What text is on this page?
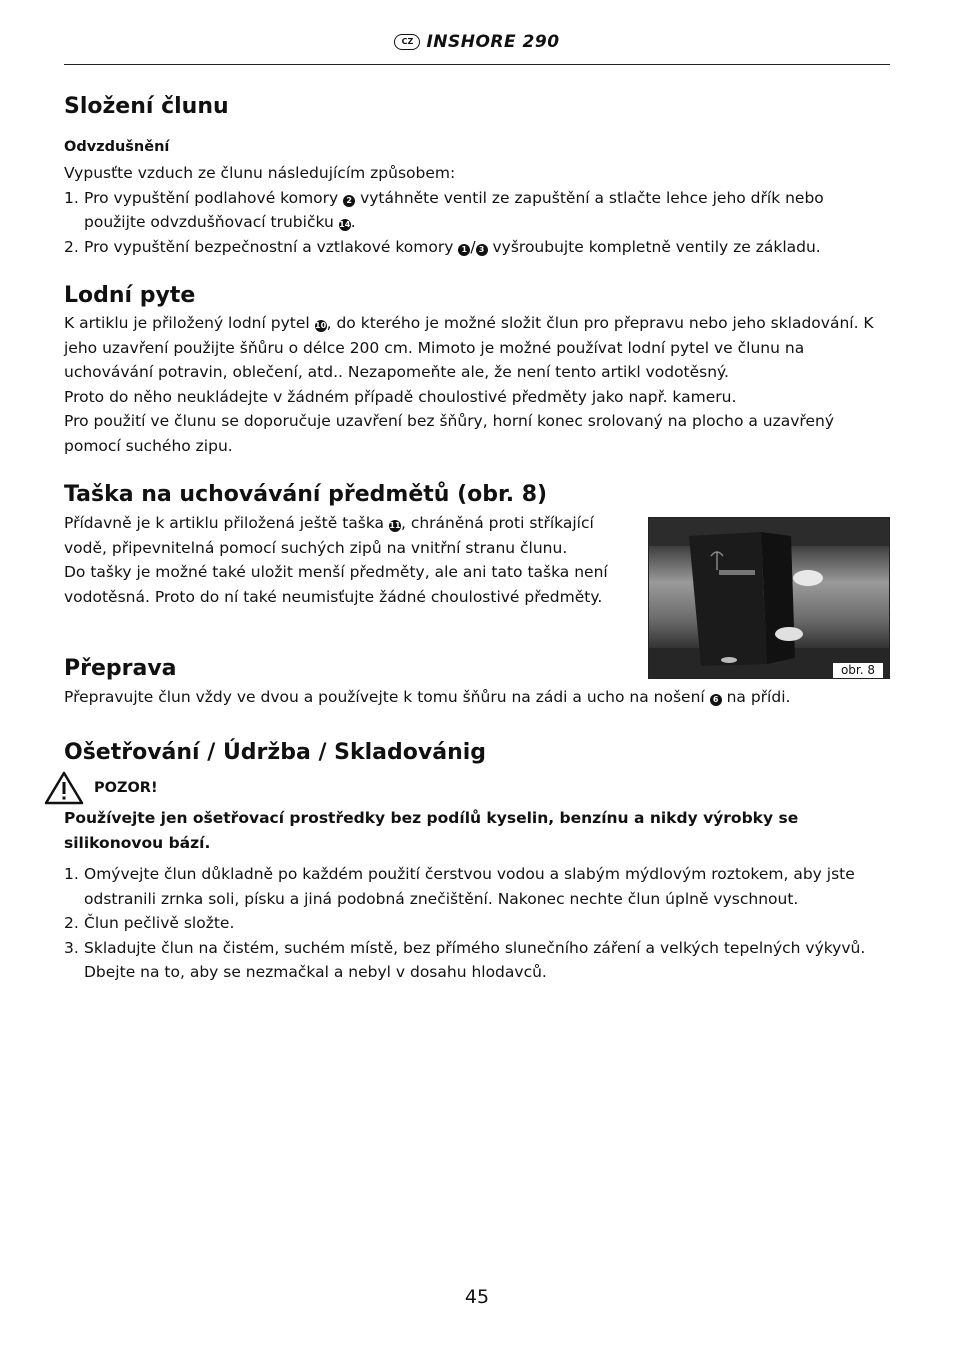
CZ INSHORE 290
Složení člunu
Odvzdušnění

Vypusťte vzduch ze člunu následujícím způsobem:

1. Pro vypuštění podlahové komory 2 vytáhněte ventil ze zapuštění a stlačte lehce jeho dřík nebo použijte odvzdušňovací trubičku 14.
2. Pro vypuštění bezpečnostní a vztlakové komory 1 / 3 vyšroubujte kompletně ventily ze základu.
Lodní pyte

K artiklu je přiložený lodní pytel 10, do kterého je možné složit člun pro přepravu nebo jeho skladování. K jeho uzavření použijte šňůru o délce 200 cm. Mimoto je možné používat lodní pytel ve člunu na uchovávání potravin, oblečení, atd.. Nezapomeňte ale, že není tento artikl vodotěsný.

Proto do něho neukládejte v žádném případě choulostivé předměty jako např. kameru.

Pro použití ve člunu se doporučuje uzavření bez šňůry, horní konec srolovaný na plocho a uzavřený pomocí suchého zipu.

Taška na uchovávání předmětů (obr. 8)

Přídavně je k artiklu přiložená ještě taška 11, chráněná proti stříkající vodě, připevnitelná pomocí suchých zipů na vnitřní stranu člunu.

Do tašky je možné také uložit menší předměty, ale ani tato taška není vodotěsná. Proto do ní také neumisťujte žádné choulostivé předměty.

obr. 8
Přeprava

Přepravujte člun vždy ve dvou a používejte k tomu šňůru na zádi a ucho na nošení 6 na přídi.

Ošetřování / Údržba / Skladovánig
POZOR!

Používejte jen ošetřovací prostředky bez podílů kyselin, benzínu a nikdy výrobky se silikonovou bází.

1. Omývejte člun důkladně po každém použití čerstvou vodou a slabým mýdlovým roztokem, aby jste odstranili zrnka soli, písku a jiná podobná znečištění. Nakonec nechte člun úplně vyschnout.
2. Člun pečlivě složte.
3. Skladujte člun na čistém, suchém místě, bez přímého slunečního záření a velkých tepelných výkyvů. Dbejte na to, aby se nezmačkal a nebyl v dosahu hlodavců.
45
